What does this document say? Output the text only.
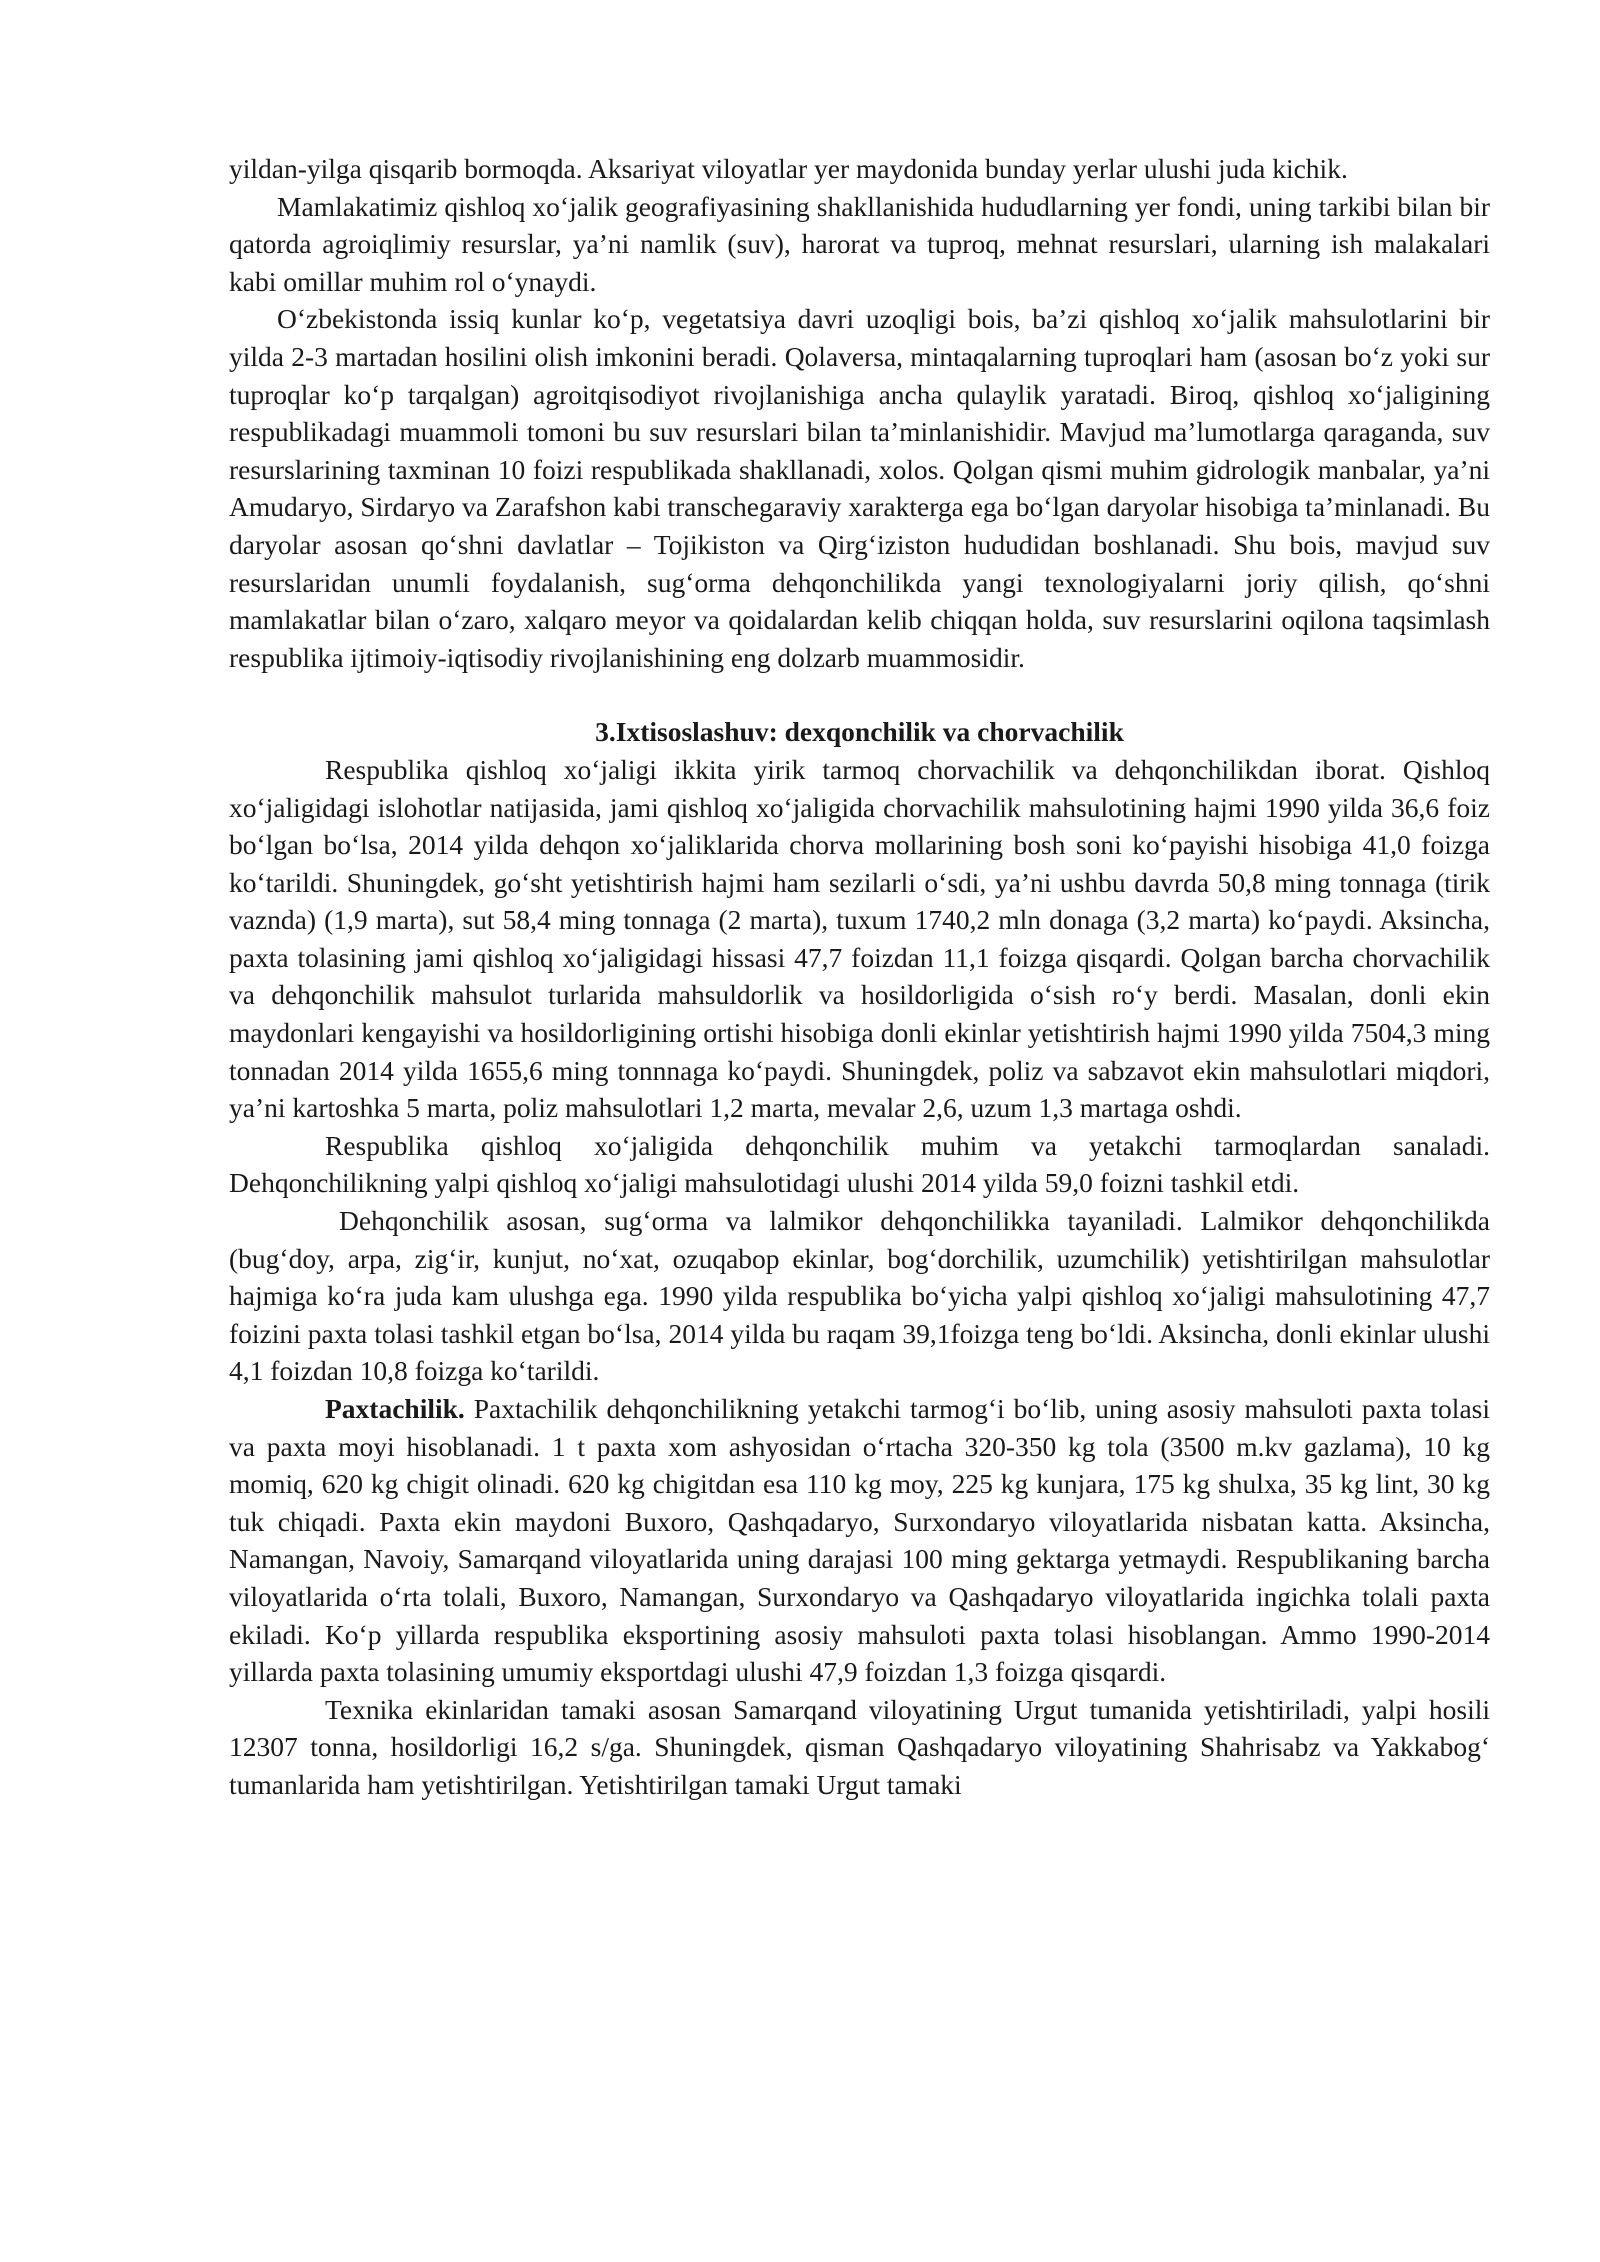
yildan-yilga qisqarib bormoqda. Aksariyat viloyatlar yer maydonida bunday yerlar ulushi juda kichik.

Mamlakatimiz qishloq xo‘jalik geografiyasining shakllanishida hududlarning yer fondi, uning tarkibi bilan bir qatorda agroiqlimiy resurslar, ya’ni namlik (suv), harorat va tuproq, mehnat resurslari, ularning ish malakalari kabi omillar muhim rol o‘ynaydi.

O‘zbekistonda issiq kunlar ko‘p, vegetatsiya davri uzoqligi bois, ba’zi qishloq xo‘jalik mahsulotlarini bir yilda 2-3 martadan hosilini olish imkonini beradi. Qolaversa, mintaqalarning tuproqlari ham (asosan bo‘z yoki sur tuproqlar ko‘p tarqalgan) agroitqisodiyot rivojlanishiga ancha qulaylik yaratadi. Biroq, qishloq xo‘jaligining respublikadagi muammoli tomoni bu suv resurslari bilan ta’minlanishidir. Mavjud ma’lumotlarga qaraganda, suv resurslarining taxminan 10 foizi respublikada shakllanadi, xolos. Qolgan qismi muhim gidrologik manbalar, ya’ni Amudaryo, Sirdaryo va Zarafshon kabi transchegaraviy xarakterga ega bo‘lgan daryolar hisobiga ta’minlanadi. Bu daryolar asosan qo‘shni davlatlar – Tojikiston va Qirg‘iziston hududidan boshlanadi. Shu bois, mavjud suv resurslaridan unumli foydalanish, sug‘orma dehqonchilikda yangi texnologiyalarni joriy qilish, qo‘shni mamlakatlar bilan o‘zaro, xalqaro meyor va qoidalardan kelib chiqqan holda, suv resurslarini oqilona taqsimlash respublika ijtimoiy-iqtisodiy rivojlanishining eng dolzarb muammosidir.

3.Ixtisoslashuv: dexqonchilik va chorvachilik

Respublika qishloq xo‘jaligi ikkita yirik tarmoq chorvachilik va dehqonchilikdan iborat. Qishloq xo‘jaligidagi islohotlar natijasida, jami qishloq xo‘jaligida chorvachilik mahsulotining hajmi 1990 yilda 36,6 foiz bo‘lgan bo‘lsa, 2014 yilda dehqon xo‘jaliklarida chorva mollarining bosh soni ko‘payishi hisobiga 41,0 foizga ko‘tarildi. Shuningdek, go‘sht yetishtirish hajmi ham sezilarli o‘sdi, ya’ni ushbu davrda 50,8 ming tonnaga (tirik vaznda) (1,9 marta), sut 58,4 ming tonnaga (2 marta), tuxum 1740,2 mln donaga (3,2 marta) ko‘paydi. Aksincha, paxta tolasining jami qishloq xo‘jaligidagi hissasi 47,7 foizdan 11,1 foizga qisqardi. Qolgan barcha chorvachilik va dehqonchilik mahsulot turlarida mahsuldorlik va hosildorligida o‘sish ro‘y berdi. Masalan, donli ekin maydonlari kengayishi va hosildorligining ortishi hisobiga donli ekinlar yetishtirish hajmi 1990 yilda 7504,3 ming tonnadan 2014 yilda 1655,6 ming tonnnaga ko‘paydi. Shuningdek, poliz va sabzavot ekin mahsulotlari miqdori, ya’ni kartoshka 5 marta, poliz mahsulotlari 1,2 marta, mevalar 2,6, uzum 1,3 martaga oshdi.

Respublika qishloq xo‘jaligida dehqonchilik muhim va yetakchi tarmoqlardan sanaladi. Dehqonchilikning yalpi qishloq xo‘jaligi mahsulotidagi ulushi 2014 yilda 59,0 foizni tashkil etdi.

Dehqonchilik asosan, sug‘orma va lalmikor dehqonchilikka tayaniladi. Lalmikor dehqonchilikda (bug‘doy, arpa, zig‘ir, kunjut, no‘xat, ozuqabop ekinlar, bog‘dorchilik, uzumchilik) yetishtirilgan mahsulotlar hajmiga ko‘ra juda kam ulushga ega. 1990 yilda respublika bo‘yicha yalpi qishloq xo‘jaligi mahsulotining 47,7 foizini paxta tolasi tashkil etgan bo‘lsa, 2014 yilda bu raqam 39,1foizga teng bo‘ldi. Aksincha, donli ekinlar ulushi 4,1 foizdan 10,8 foizga ko‘tarildi.

Paxtachilik. Paxtachilik dehqonchilikning yetakchi tarmog‘i bo‘lib, uning asosiy mahsuloti paxta tolasi va paxta moyi hisoblanadi. 1 t paxta xom ashyosidan o‘rtacha 320-350 kg tola (3500 m.kv gazlama), 10 kg momiq, 620 kg chigit olinadi. 620 kg chigitdan esa 110 kg moy, 225 kg kunjara, 175 kg shulxa, 35 kg lint, 30 kg tuk chiqadi. Paxta ekin maydoni Buxoro, Qashqadaryo, Surxondaryo viloyatlarida nisbatan katta. Aksincha, Namangan, Navoiy, Samarqand viloyatlarida uning darajasi 100 ming gektarga yetmaydi. Respublikaning barcha viloyatlarida o‘rta tolali, Buxoro, Namangan, Surxondaryo va Qashqadaryo viloyatlarida ingichka tolali paxta ekiladi. Ko‘p yillarda respublika eksportining asosiy mahsuloti paxta tolasi hisoblangan. Ammo 1990-2014 yillarda paxta tolasining umumiy eksportdagi ulushi 47,9 foizdan 1,3 foizga qisqardi.

Texnika ekinlaridan tamaki asosan Samarqand viloyatining Urgut tumanida yetishtiriladi, yalpi hosili 12307 tonna, hosildorligi 16,2 s/ga. Shuningdek, qisman Qashqadaryo viloyatining Shahrisabz va Yakkabog‘ tumanlarida ham yetishtirilgan. Yetishtirilgan tamaki Urgut tamaki
